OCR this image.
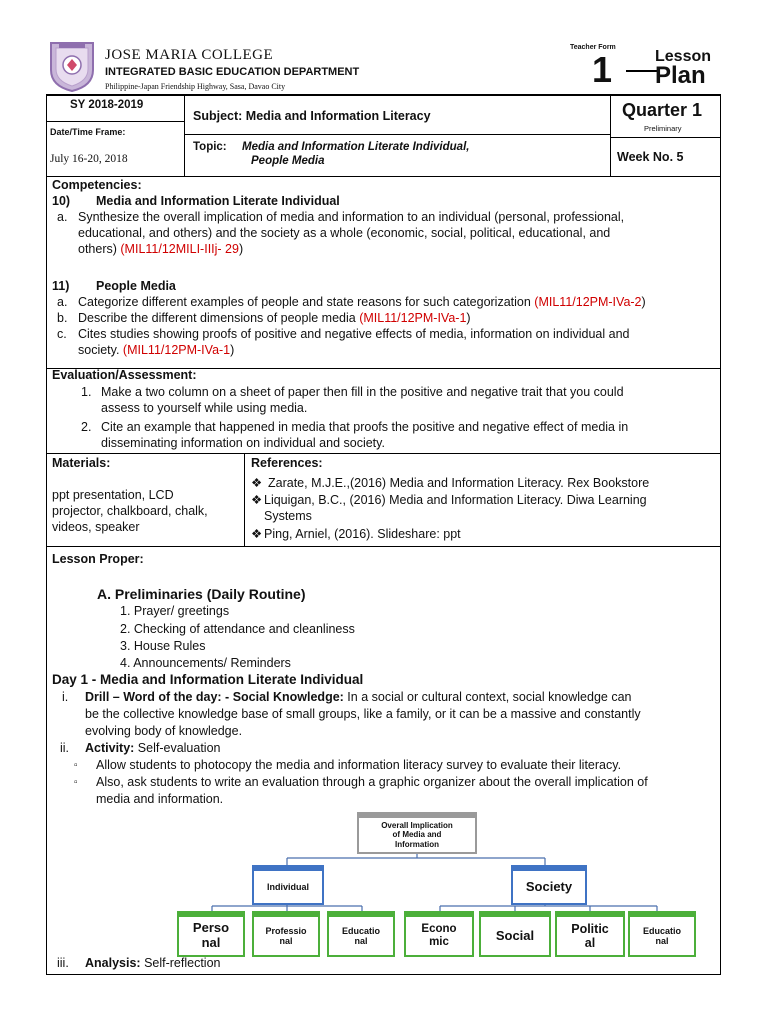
JOSE MARIA COLLEGE
INTEGRATED BASIC EDUCATION DEPARTMENT
Philippine-Japan Friendship Highway, Sasa, Davao City
Teacher Form
1	Lesson
Plan
SY 2018-2019
Date/Time Frame:
July 16-20, 2018
Subject: Media and Information Literacy
Topic: Media and Information Literate Individual,
People Media
Quarter 1
Preliminary
Week No. 5
Competencies:
10) Media and Information Literate Individual
a. Synthesize the overall implication of media and information to an individual (personal, professional,
educational, and others) and the society as a whole (economic, social, political, educational, and
others) (MIL11/12MILI-IIIj- 29)
11) People Media
a. Categorize different examples of people and state reasons for such categorization (MIL11/12PM-IVa-2)
b. Describe the different dimensions of people media (MIL11/12PM-IVa-1)
c. Cites studies showing proofs of positive and negative effects of media, information on individual and
society. (MIL11/12PM-IVa-1)
Evaluation/Assessment:
1. Make a two column on a sheet of paper then fill in the positive and negative trait that you could
assess to yourself while using media.
2. Cite an example that happened in media that proofs the positive and negative effect of media in
disseminating information on individual and society.
Materials:
ppt presentation, LCD
projector, chalkboard, chalk,
videos, speaker
References:
❖ Zarate, M.J.E.,(2016) Media and Information Literacy. Rex Bookstore
❖ Liquigan, B.C., (2016) Media and Information Literacy. Diwa Learning
Systems
❖ Ping, Arniel, (2016). Slideshare: ppt
Lesson Proper:
A. Preliminaries (Daily Routine)
1. Prayer/ greetings
2. Checking of attendance and cleanliness
3. House Rules
4. Announcements/ Reminders
Day 1 - Media and Information Literate Individual
i. Drill – Word of the day: - Social Knowledge: In a social or cultural context, social knowledge can
be the collective knowledge base of small groups, like a family, or it can be a massive and constantly
evolving body of knowledge.
ii. Activity: Self-evaluation
▫ Allow students to photocopy the media and information literacy survey to evaluate their literacy.
▫ Also, ask students to write an evaluation through a graphic organizer about the overall implication of
media and information.
Overall Implication
of Media and
Information
Individual	Society
Perso
nal
Professio
nal
Educatio
nal
Econo
mic	Social	Politic
al
Educatio
nal
iii. Analysis: Self-reflection
